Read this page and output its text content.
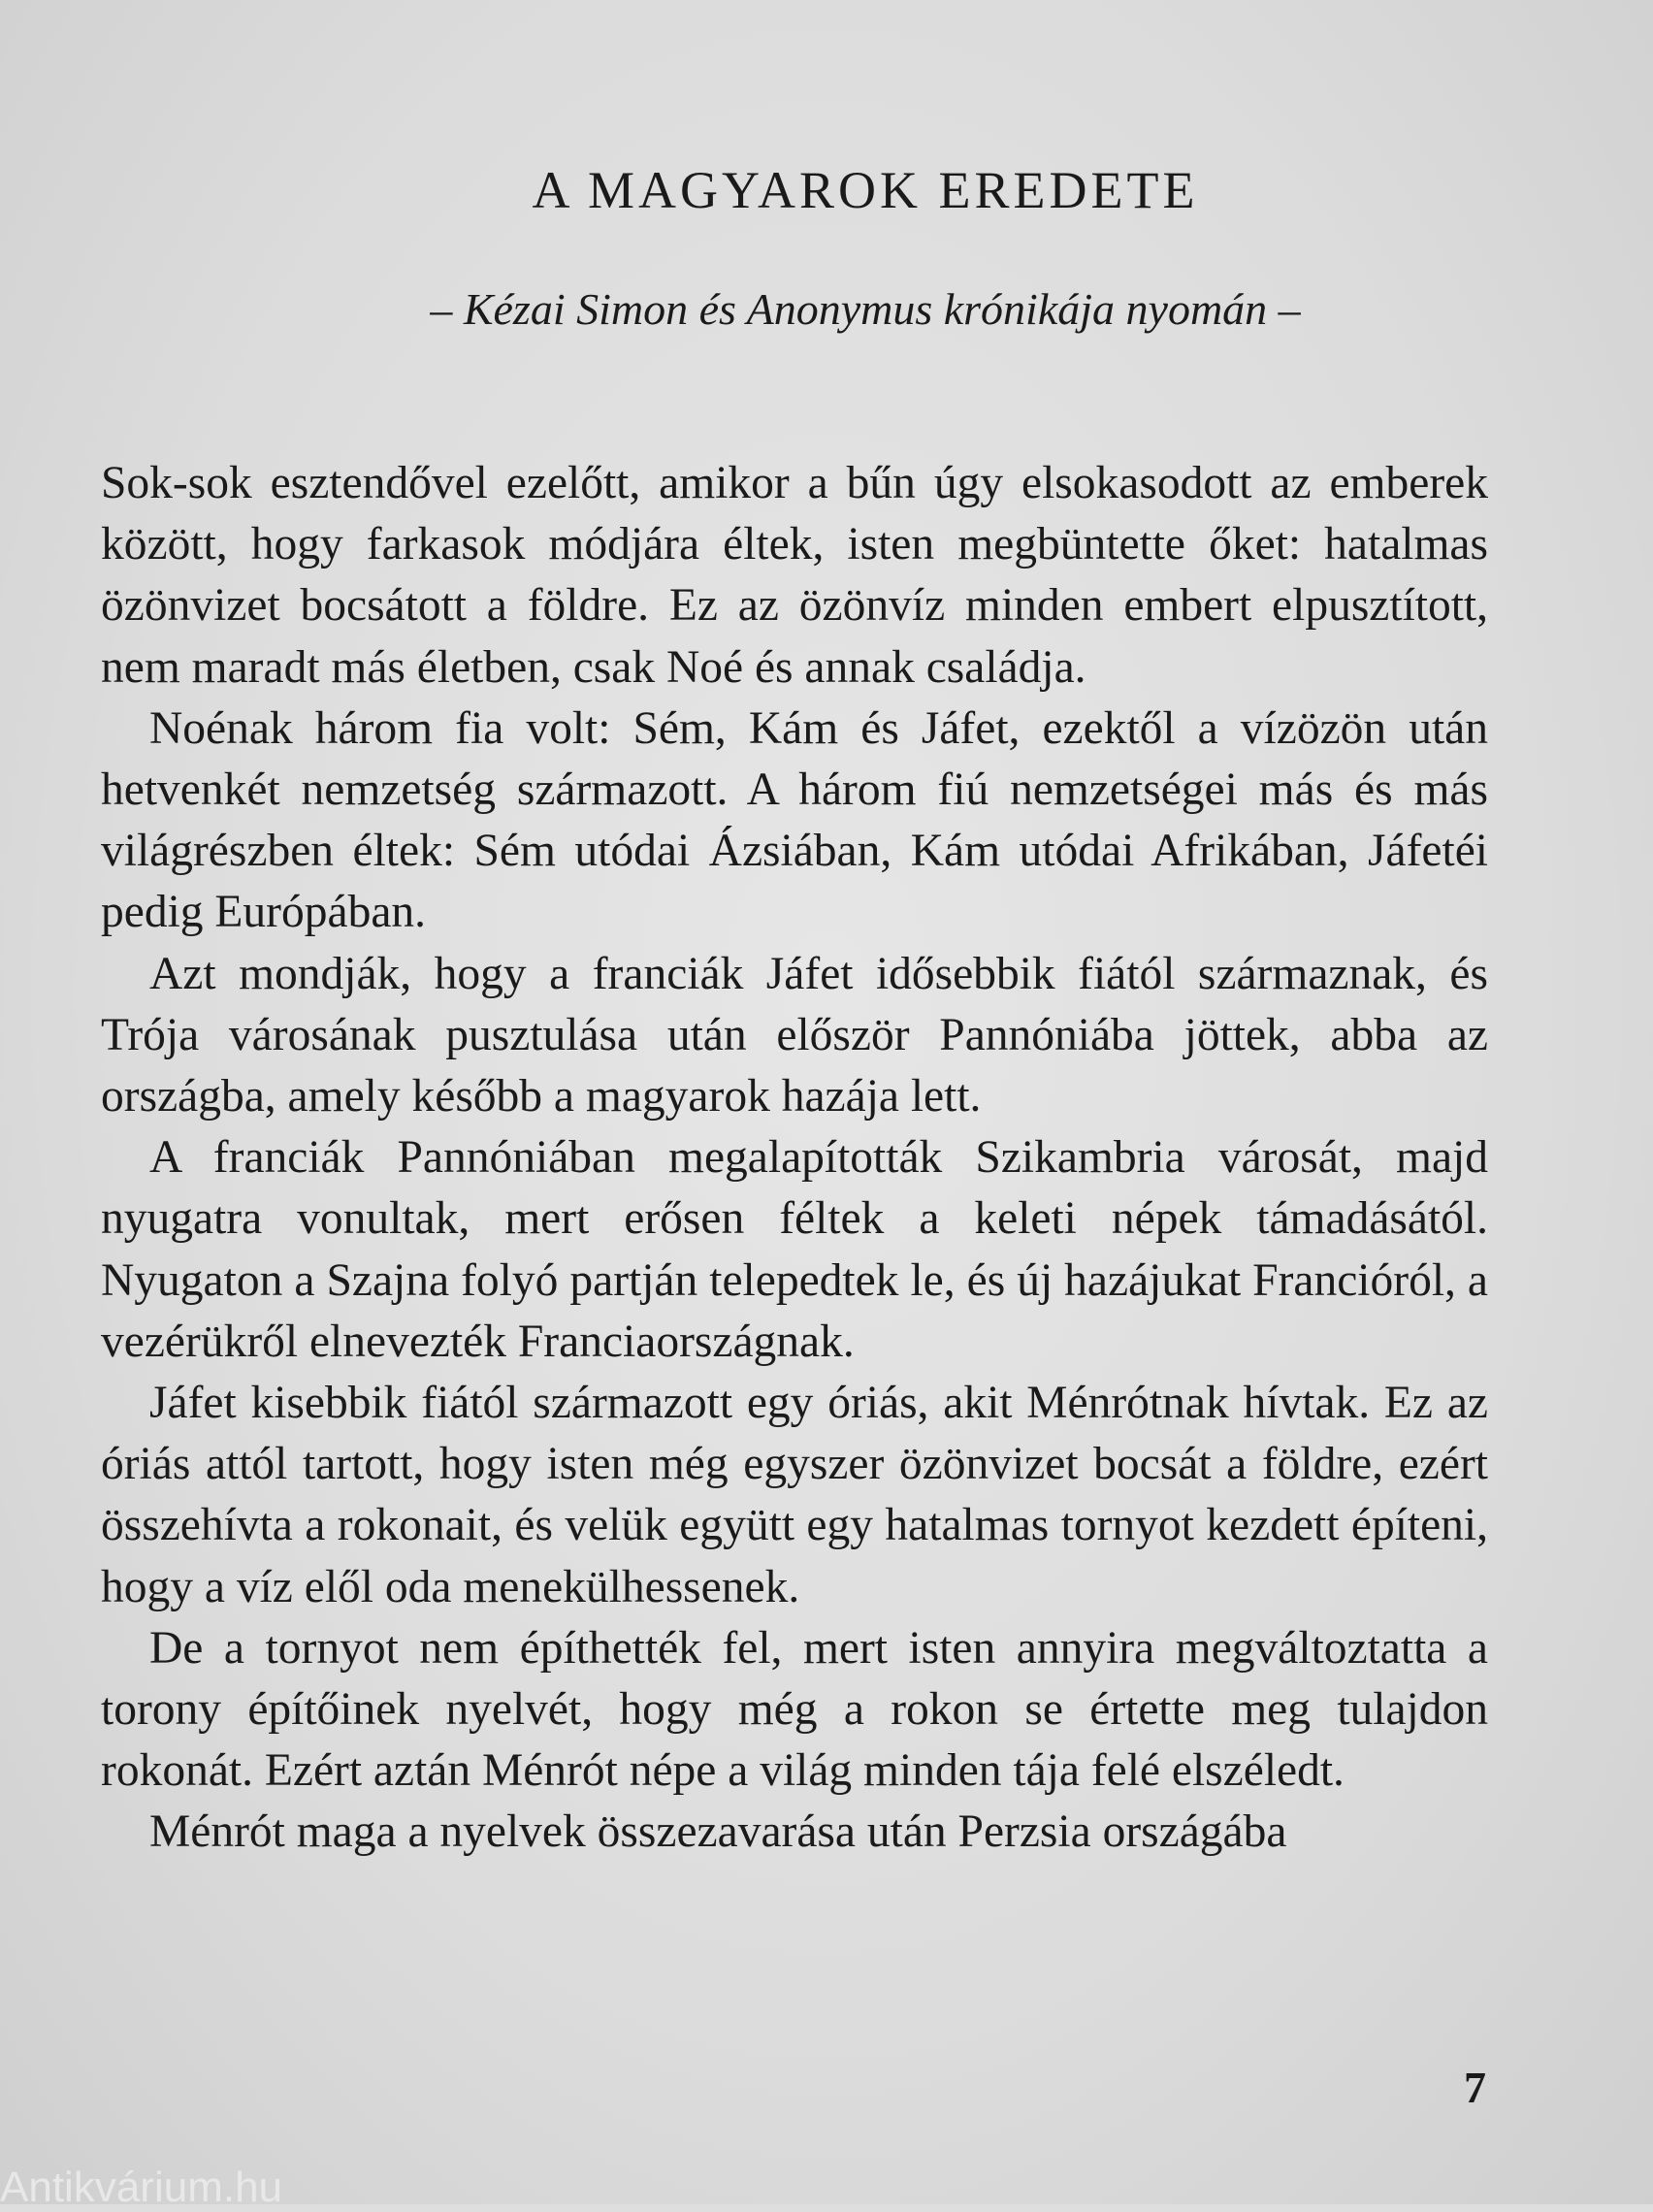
A MAGYAROK EREDETE
– Kézai Simon és Anonymus krónikája nyomán –

Sok-sok esztendővel ezelőtt, amikor a bűn úgy elsokasodott az emberek között, hogy farkasok módjára éltek, isten megbüntette őket: hatalmas özönvizet bocsátott a földre. Ez az özönvíz minden embert elpusztított, nem maradt más életben, csak Noé és annak családja.

Noénak három fia volt: Sém, Kám és Jáfet, ezektől a vízözön után hetvenkét nemzetség származott. A három fiú nemzetségei más és más világrészben éltek: Sém utódai Ázsiában, Kám utódai Afrikában, Jáfetéi pedig Európában.

Azt mondják, hogy a franciák Jáfet idősebbik fiától származnak, és Trója városának pusztulása után először Pannóniába jöttek, abba az országba, amely később a magyarok hazája lett.

A franciák Pannóniában megalapították Szikambria városát, majd nyugatra vonultak, mert erősen féltek a keleti népek támadásától. Nyugaton a Szajna folyó partján telepedtek le, és új hazájukat Francióról, a vezérükről elnevezték Franciaországnak.

Jáfet kisebbik fiától származott egy óriás, akit Ménrótnak hívtak. Ez az óriás attól tartott, hogy isten még egyszer özönvizet bocsát a földre, ezért összehívta a rokonait, és velük együtt egy hatalmas tornyot kezdett építeni, hogy a víz elől oda menekülhessenek.

De a tornyot nem építhették fel, mert isten annyira megváltoztatta a torony építőinek nyelvét, hogy még a rokon se értette meg tulajdon rokonát. Ezért aztán Ménrót népe a világ minden tája felé elszéledt.

Ménrót maga a nyelvek összezavarása után Perzsia országába

7
Antikvárium.hu
